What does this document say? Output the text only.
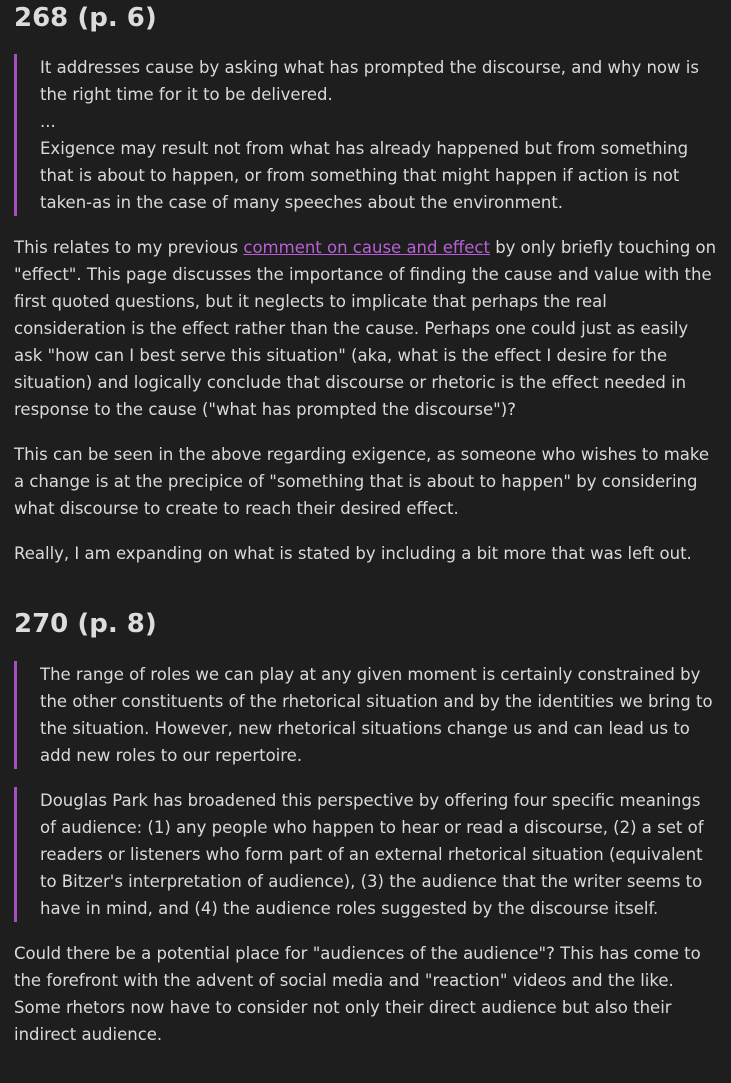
268 (p. 6)

It addresses cause by asking what has prompted the discourse, and why now is the right time for it to be delivered.

...

Exigence may result not from what has already happened but from something that is about to happen, or from something that might happen if action is not taken-as in the case of many speeches about the environment.

This relates to my previous comment on cause and effect by only briefly touching on "effect". This page discusses the importance of finding the cause and value with the first quoted questions, but it neglects to implicate that perhaps the real consideration is the effect rather than the cause. Perhaps one could just as easily ask "how can I best serve this situation" (aka, what is the effect I desire for the situation) and logically conclude that discourse or rhetoric is the effect needed in response to the cause ("what has prompted the discourse")?

This can be seen in the above regarding exigence, as someone who wishes to make a change is at the precipice of "something that is about to happen" by considering what discourse to create to reach their desired effect.

Really, I am expanding on what is stated by including a bit more that was left out.

270 (p. 8)

The range of roles we can play at any given moment is certainly constrained by the other constituents of the rhetorical situation and by the identities we bring to the situation. However, new rhetorical situations change us and can lead us to add new roles to our repertoire.

Douglas Park has broadened this perspective by offering four specific meanings of audience: (1) any people who happen to hear or read a discourse, (2) a set of readers or listeners who form part of an external rhetorical situation (equivalent to Bitzer's interpretation of audience), (3) the audience that the writer seems to have in mind, and (4) the audience roles suggested by the discourse itself.

Could there be a potential place for "audiences of the audience"? This has come to the forefront with the advent of social media and "reaction" videos and the like. Some rhetors now have to consider not only their direct audience but also their indirect audience.
